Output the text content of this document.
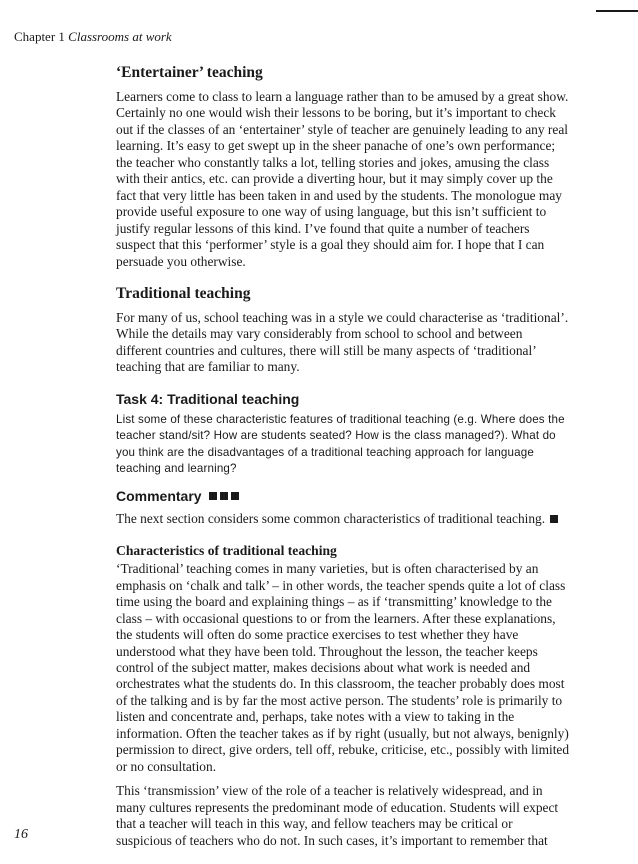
Chapter 1 Classrooms at work
‘Entertainer’ teaching

Learners come to class to learn a language rather than to be amused by a great show. Certainly no one would wish their lessons to be boring, but it’s important to check out if the classes of an ‘entertainer’ style of teacher are genuinely leading to any real learning. It’s easy to get swept up in the sheer panache of one’s own performance; the teacher who constantly talks a lot, telling stories and jokes, amusing the class with their antics, etc. can provide a diverting hour, but it may simply cover up the fact that very little has been taken in and used by the students. The monologue may provide useful exposure to one way of using language, but this isn’t sufficient to justify regular lessons of this kind. I’ve found that quite a number of teachers suspect that this ‘performer’ style is a goal they should aim for. I hope that I can persuade you otherwise.

Traditional teaching

For many of us, school teaching was in a style we could characterise as ‘traditional’. While the details may vary considerably from school to school and between different countries and cultures, there will still be many aspects of ‘traditional’ teaching that are familiar to many.

Task 4: Traditional teaching

List some of these characteristic features of traditional teaching (e.g. Where does the teacher stand/sit? How are students seated? How is the class managed?). What do you think are the disadvantages of a traditional teaching approach for language teaching and learning?

Commentary

The next section considers some common characteristics of traditional teaching.

Characteristics of traditional teaching

‘Traditional’ teaching comes in many varieties, but is often characterised by an emphasis on ‘chalk and talk’ – in other words, the teacher spends quite a lot of class time using the board and explaining things – as if ‘transmitting’ knowledge to the class – with occasional questions to or from the learners. After these explanations, the students will often do some practice exercises to test whether they have understood what they have been told. Throughout the lesson, the teacher keeps control of the subject matter, makes decisions about what work is needed and orchestrates what the students do. In this classroom, the teacher probably does most of the talking and is by far the most active person. The students’ role is primarily to listen and concentrate and, perhaps, take notes with a view to taking in the information. Often the teacher takes as if by right (usually, but not always, benignly) permission to direct, give orders, tell off, rebuke, criticise, etc., possibly with limited or no consultation.

This ‘transmission’ view of the role of a teacher is relatively widespread, and in many cultures represents the predominant mode of education. Students will expect that a teacher will teach in this way, and fellow teachers may be critical or suspicious of teachers who do not. In such cases, it’s important to remember that

16
